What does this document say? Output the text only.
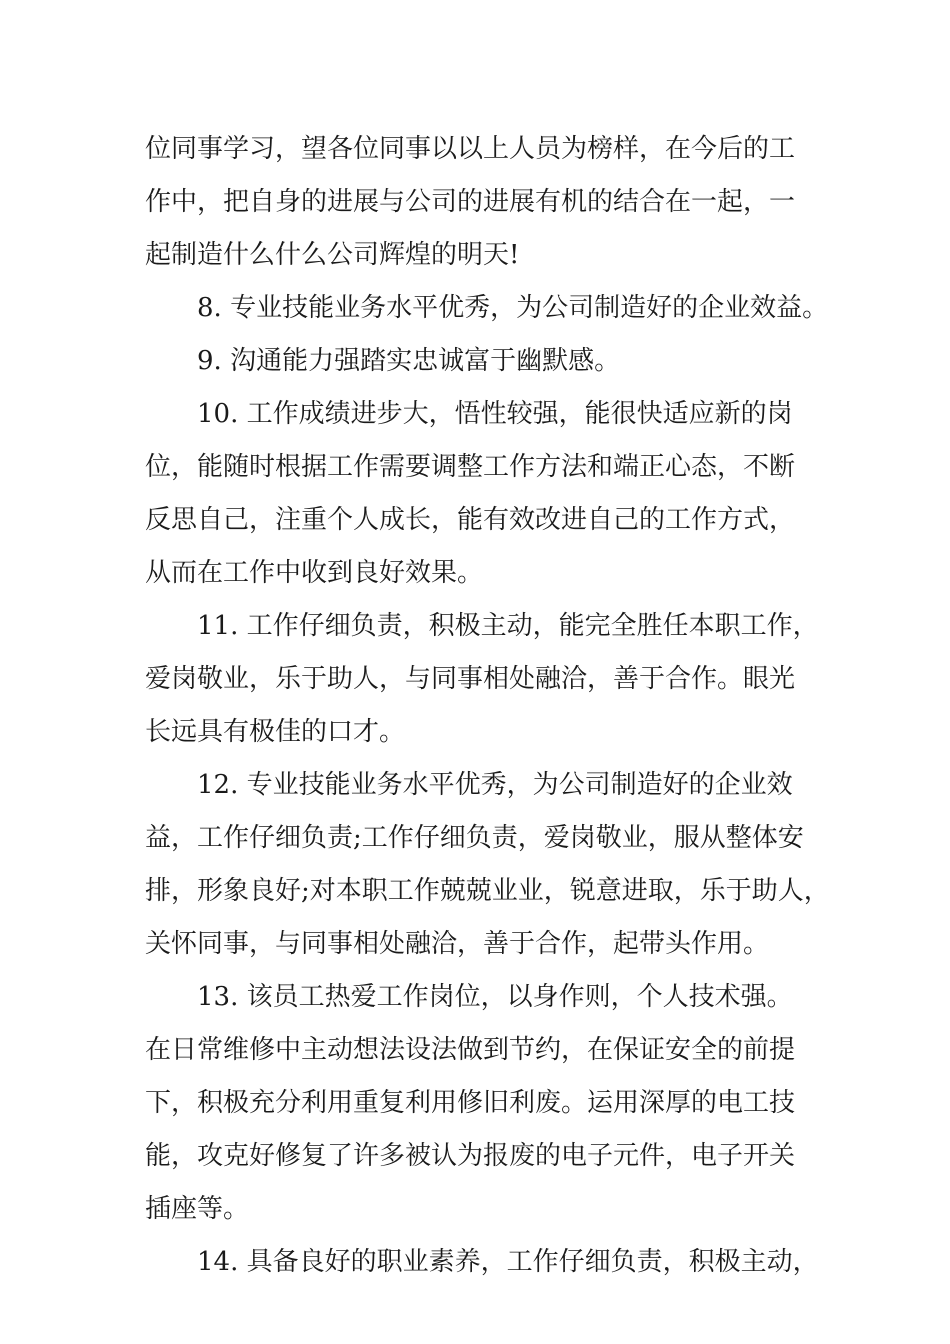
位同事学习，望各位同事以以上人员为榜样，在今后的工
作中，把自身的进展与公司的进展有机的结合在一起，一
起制造什么什么公司辉煌的明天!
8. 专业技能业务水平优秀，为公司制造好的企业效益。
9. 沟通能力强踏实忠诚富于幽默感。
10. 工作成绩进步大，悟性较强，能很快适应新的岗
位，能随时根据工作需要调整工作方法和端正心态，不断
反思自己，注重个人成长，能有效改进自己的工作方式，
从而在工作中收到良好效果。
11. 工作仔细负责，积极主动，能完全胜任本职工作，
爱岗敬业，乐于助人，与同事相处融洽，善于合作。眼光
长远具有极佳的口才。
12. 专业技能业务水平优秀，为公司制造好的企业效
益，工作仔细负责;工作仔细负责，爱岗敬业，服从整体安
排，形象良好;对本职工作兢兢业业，锐意进取，乐于助人，
关怀同事，与同事相处融洽，善于合作，起带头作用。
13. 该员工热爱工作岗位，以身作则，个人技术强。
在日常维修中主动想法设法做到节约，在保证安全的前提
下，积极充分利用重复利用修旧利废。运用深厚的电工技
能，攻克好修复了许多被认为报废的电子元件，电子开关
插座等。
14. 具备良好的职业素养，工作仔细负责，积极主动，
